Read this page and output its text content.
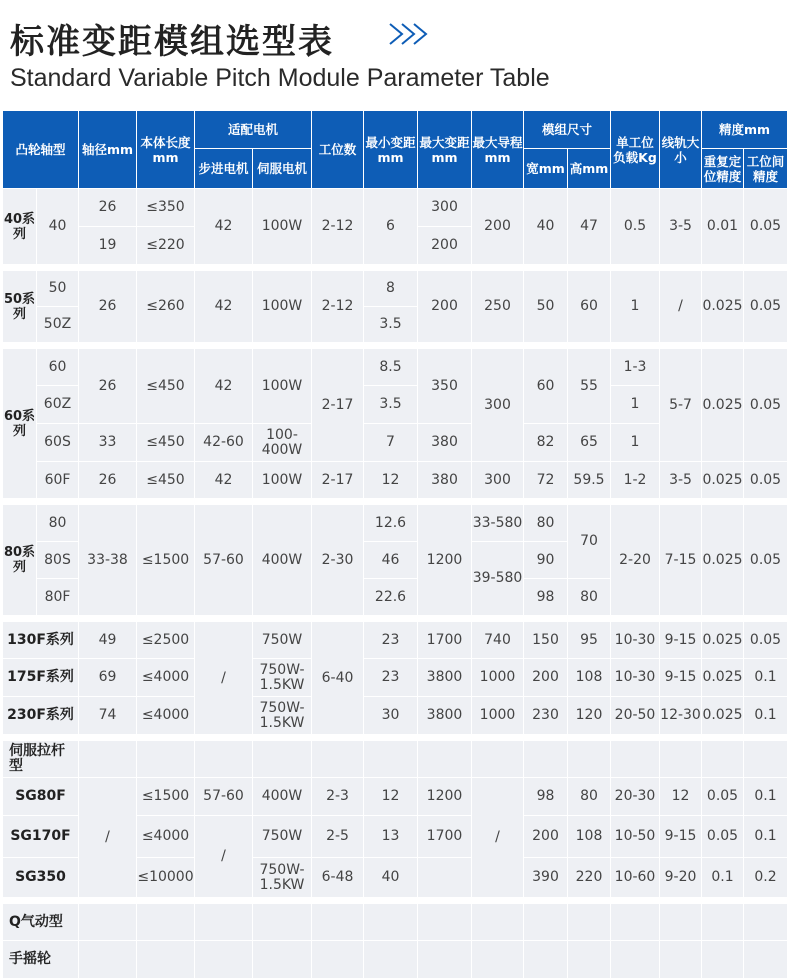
标准变距模组选型表
Standard Variable Pitch Module Parameter Table
凸轮轴型		轴径mm	本体长度mm	适配电机		工位数	最小变距mm	最大变距mm	最大导程mm	模组尺寸		单工位负载Kg	线轨大小	精度mm	
				步进电机	伺服电机					宽mm	高mm			重复定位精度	工位间精度
40系列	40	26	≤350	42	100W	2-12	6	300	200	40	47	0.5	3-5	0.01	0.05
		19	≤220					200							

50系列	50	26	≤260	42	100W	2-12	8	200	250	50	60	1	/	0.025	0.05
	50Z						3.5								

60系列	60	26	≤450	42	100W	2-17	8.5	350	300	60	55	1-3	5-7	0.025	0.05
	60Z						3.5					1			
	60S	33	≤450	42-60	100-400W		7	380		82	65	1			
	60F	26	≤450	42	100W	2-17	12	380	300	72	59.5	1-2	3-5	0.025	0.05

80系列	80	33-38	≤1500	57-60	400W	2-30	12.6	1200	33-580	80	70	2-20	7-15	0.025	0.05
	80S						46		39-580	90					
	80F						22.6			98	80				

130F系列		49	≤2500	/	750W	6-40	23	1700	740	150	95	10-30	9-15	0.025	0.05
175F系列		69	≤4000		750W-1.5KW		23	3800	1000	200	108	10-30	9-15	0.025	0.1
230F系列		74	≤4000		750W-1.5KW		30	3800	1000	230	120	20-50	12-30	0.025	0.1

伺服拉杆型															
SG80F		/	≤1500	57-60	400W	2-3	12	1200	/	98	80	20-30	12	0.05	0.1
SG170F			≤4000	/	750W	2-5	13	1700		200	108	10-50	9-15	0.05	0.1
SG350			≤10000		750W-1.5KW	6-48	40			390	220	10-60	9-20	0.1	0.2

Q气动型															
手摇轮															
